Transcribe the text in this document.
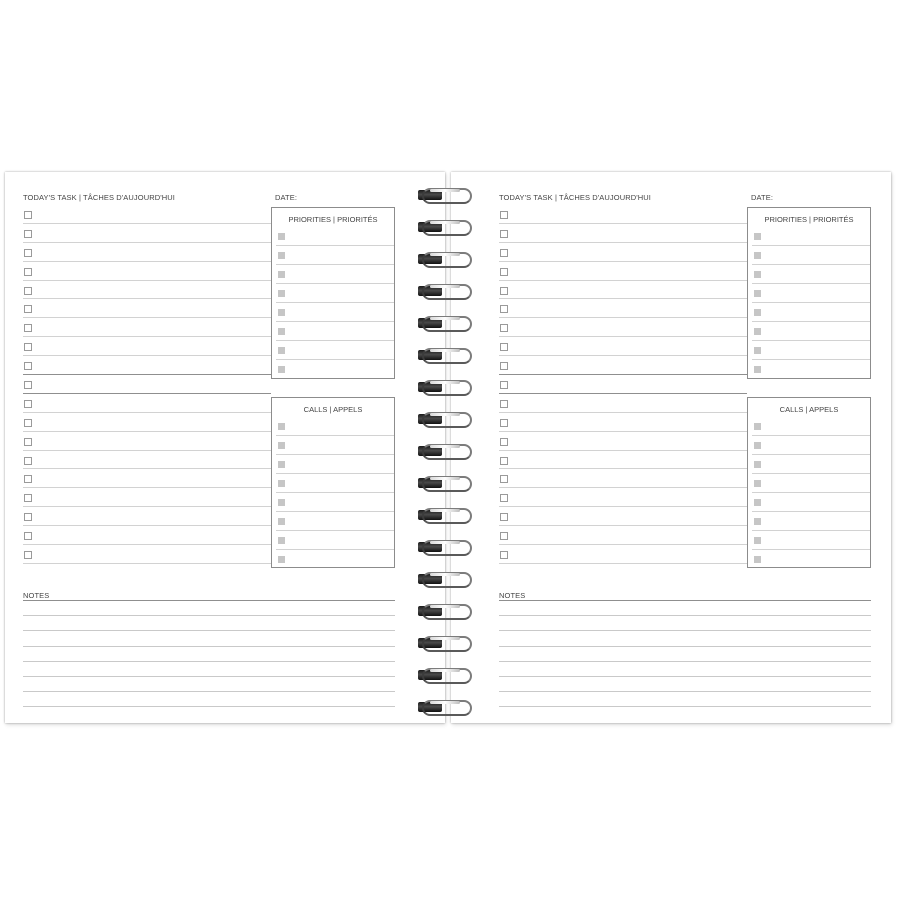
TODAY'S TASK | TÂCHES D'AUJOURD'HUI	DATE:
PRIORITIES | PRIORITÉS
CALLS | APPELS
NOTES
TODAY'S TASK | TÂCHES D'AUJOURD'HUI	DATE:
PRIORITIES | PRIORITÉS
CALLS | APPELS
NOTES
